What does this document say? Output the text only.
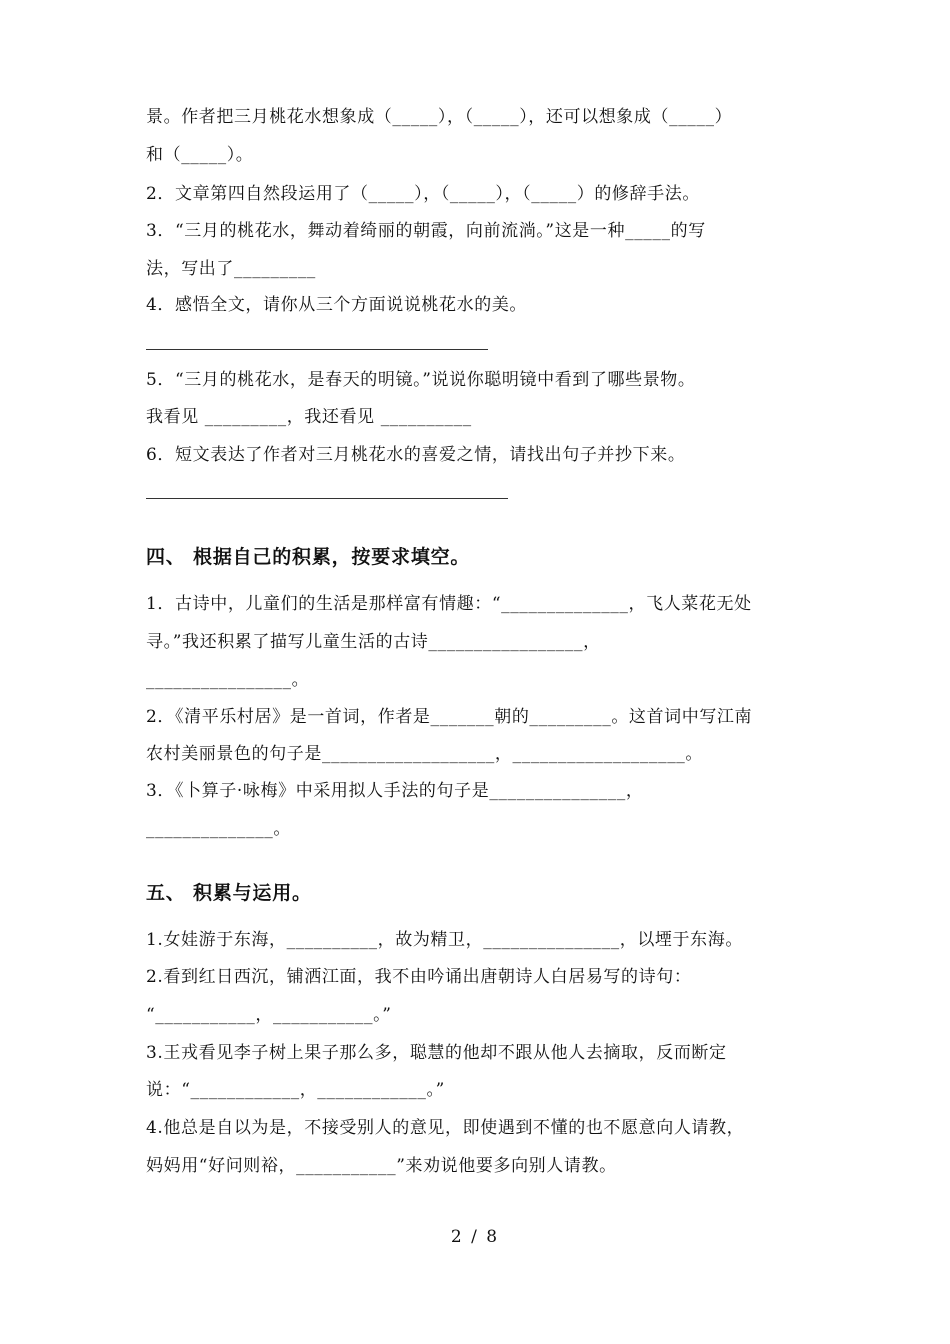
景。作者把三月桃花水想象成（_____），（_____），还可以想象成（_____）
和（_____）。
2．文章第四自然段运用了（_____），（_____），（_____）的修辞手法。
3．“三月的桃花水，舞动着绮丽的朝霞，向前流淌。”这是一种_____的写
法，写出了_________
4．感悟全文，请你从三个方面说说桃花水的美。
5．“三月的桃花水，是春天的明镜。”说说你聪明镜中看到了哪些景物。
我看见 _________，我还看见 __________
6．短文表达了作者对三月桃花水的喜爱之情，请找出句子并抄下来。
四、 根据自己的积累，按要求填空。
1．古诗中，儿童们的生活是那样富有情趣：“______________，飞人菜花无处
寻。”我还积累了描写儿童生活的古诗_________________，
________________。
2．《清平乐村居》是一首词，作者是_______朝的_________。这首词中写江南
农村美丽景色的句子是___________________，___________________。
3．《卜算子·咏梅》中采用拟人手法的句子是_______________，
______________。
五、 积累与运用。
1.女娃游于东海，__________，故为精卫，_______________，以堙于东海。
2.看到红日西沉，铺洒江面，我不由吟诵出唐朝诗人白居易写的诗句：
“___________，___________。”
3.王戎看见李子树上果子那么多，聪慧的他却不跟从他人去摘取，反而断定
说：“____________，____________。”
4.他总是自以为是，不接受别人的意见，即使遇到不懂的也不愿意向人请教，
妈妈用“好问则裕，___________”来劝说他要多向别人请教。
2 / 8
